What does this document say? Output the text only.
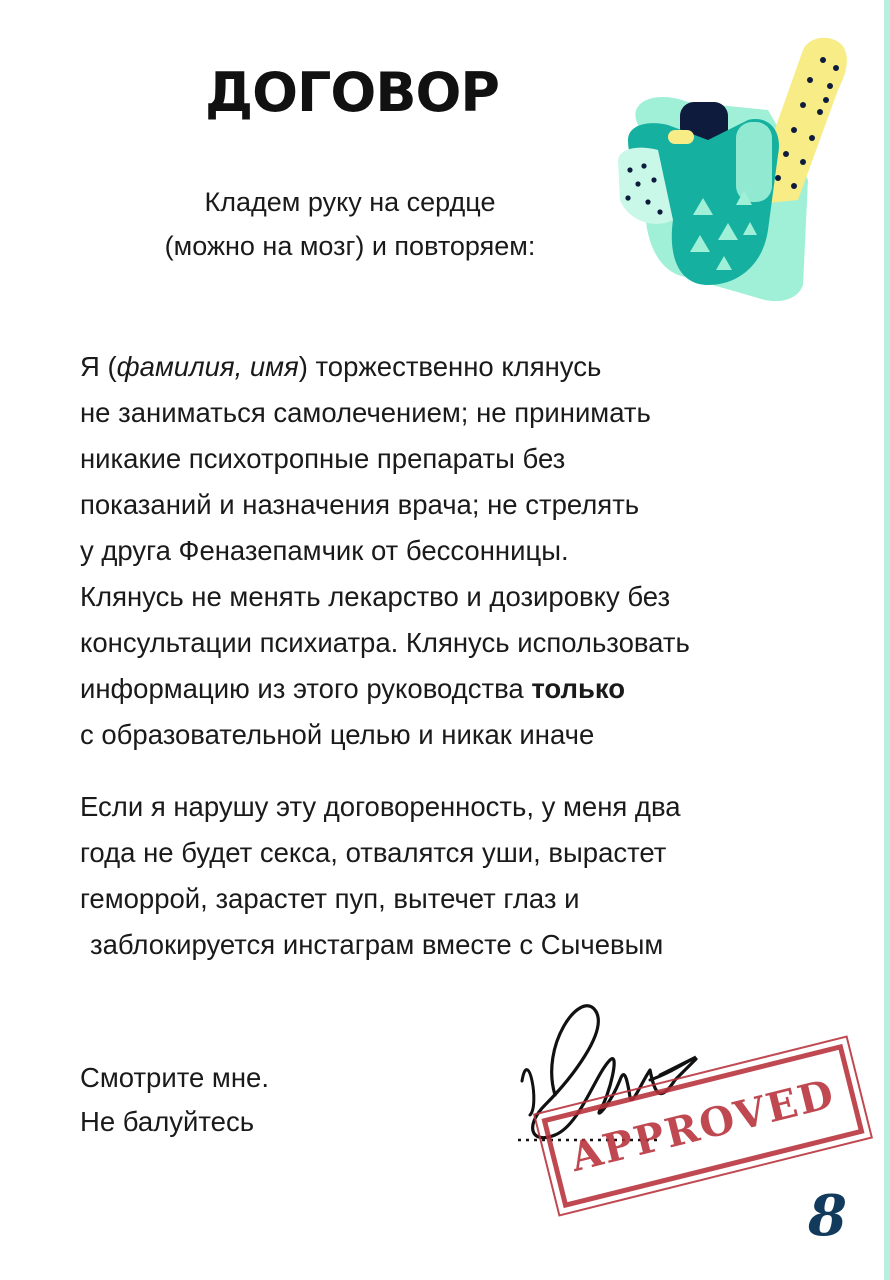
ДОГОВОР
Кладем руку на сердце
(можно на мозг) и повторяем:

Я (фамилия, имя) торжественно клянусь

не заниматься самолечением; не принимать

никакие психотропные препараты без

показаний и назначения врача; не стрелять

у друга Феназепамчик от бессонницы.

Клянусь не менять лекарство и дозировку без

консультации психиатра. Клянусь использовать

информацию из этого руководства только

с образовательной целью и никак иначе

Если я нарушу эту договоренность, у меня два

года не будет секса, отвалятся уши, вырастет

геморрой, зарастет пуп, вытечет глаз и

заблокируется инстаграм вместе с Сычевым

Смотрите мне.

Не балуйтесь	APPROVED
8
